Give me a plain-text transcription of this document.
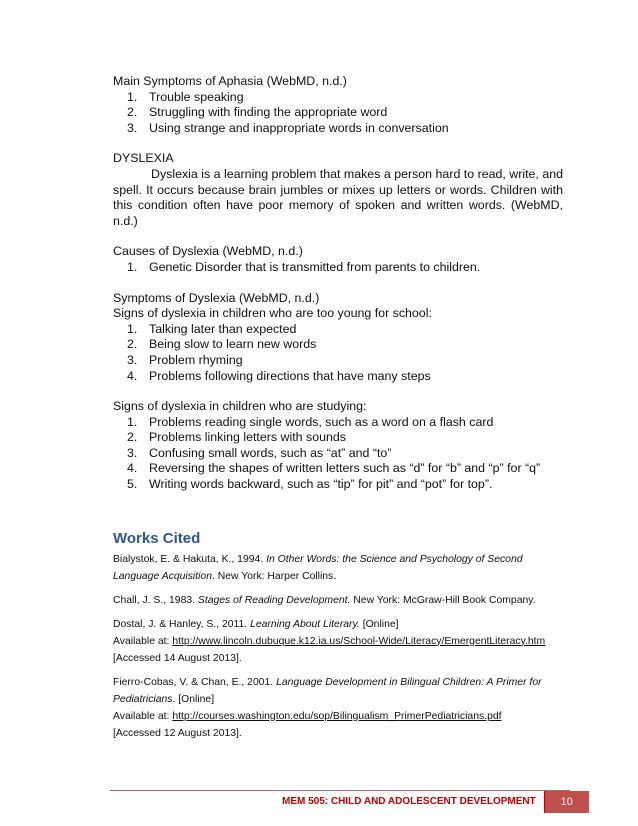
Main Symptoms of Aphasia (WebMD, n.d.)
1. Trouble speaking
2. Struggling with finding the appropriate word
3. Using strange and inappropriate words in conversation
DYSLEXIA
Dyslexia is a learning problem that makes a person hard to read, write, and spell. It occurs because brain jumbles or mixes up letters or words. Children with this condition often have poor memory of spoken and written words. (WebMD, n.d.)
Causes of Dyslexia (WebMD, n.d.)
1. Genetic Disorder that is transmitted from parents to children.
Symptoms of Dyslexia (WebMD, n.d.)
Signs of dyslexia in children who are too young for school:
1. Talking later than expected
2. Being slow to learn new words
3. Problem rhyming
4. Problems following directions that have many steps
Signs of dyslexia in children who are studying:
1. Problems reading single words, such as a word on a flash card
2. Problems linking letters with sounds
3. Confusing small words, such as “at” and “to”
4. Reversing the shapes of written letters such as “d” for “b” and “p” for “q”
5. Writing words backward, such as “tip” for pit” and “pot” for top”.
Works Cited
Bialystok, E. & Hakuta, K., 1994. In Other Words: the Science and Psychology of Second Language Acquisition. New York: Harper Collins.
Chall, J. S., 1983. Stages of Reading Development. New York: McGraw-Hill Book Company.
Dostal, J. & Hanley, S., 2011. Learning About Literary. [Online]
Available at: http://www.lincoln.dubuque.k12.ia.us/School-Wide/Literacy/EmergentLiteracy.htm
[Accessed 14 August 2013].
Fierro-Cobas, V. & Chan, E., 2001. Language Development in Bilingual Children: A Primer for Pediatricians. [Online]
Available at: http://courses.washington.edu/sop/Bilingualism_PrimerPediatricians.pdf
[Accessed 12 August 2013].
MEM 505: CHILD AND ADOLESCENT DEVELOPMENT	10
